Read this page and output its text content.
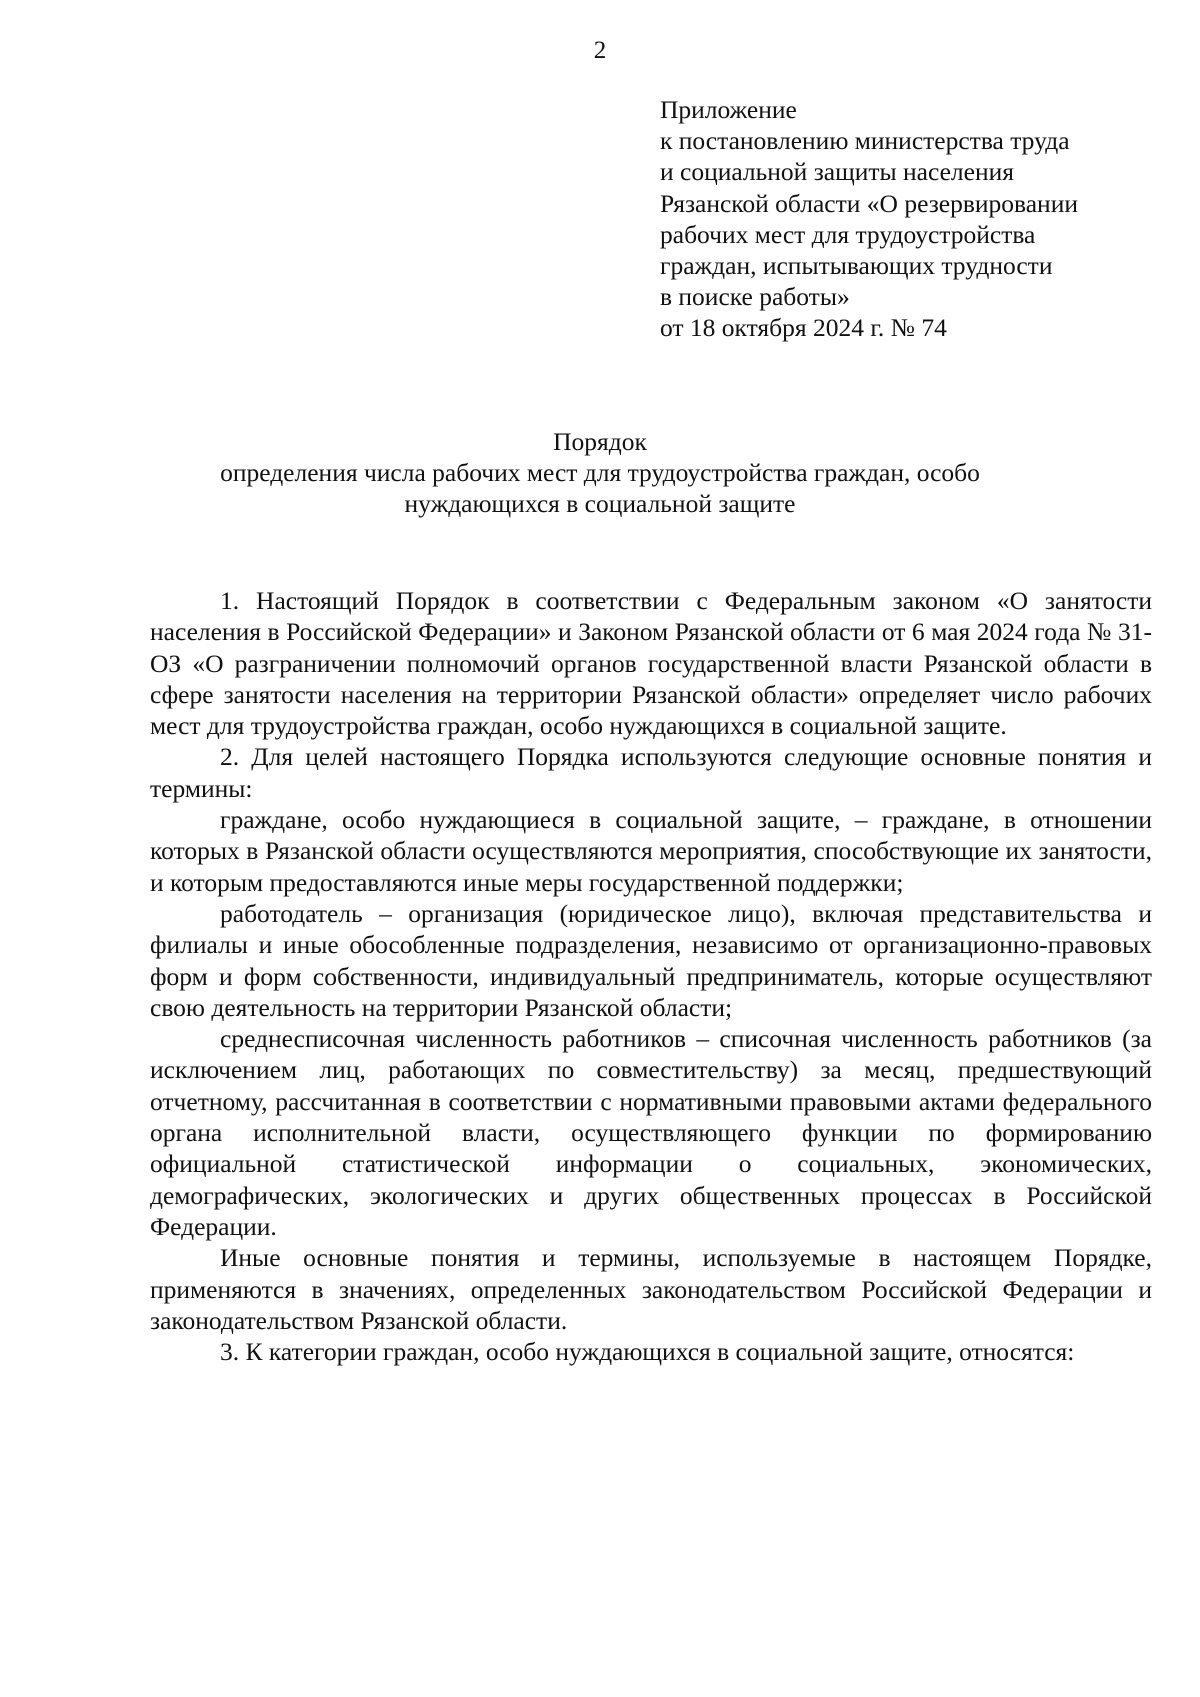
2
Приложение
к постановлению министерства труда
и социальной защиты населения
Рязанской области «О резервировании
рабочих мест для трудоустройства
граждан, испытывающих трудности
в поиске работы»
от 18 октября 2024 г. № 74
Порядок
определения числа рабочих мест для трудоустройства граждан, особо
нуждающихся в социальной защите

1. Настоящий Порядок в соответствии с Федеральным законом «О занятости населения в Российской Федерации» и Законом Рязанской области от 6 мая 2024 года № 31-ОЗ «О разграничении полномочий органов государственной власти Рязанской области в сфере занятости населения на территории Рязанской области» определяет число рабочих мест для трудоустройства граждан, особо нуждающихся в социальной защите.

2. Для целей настоящего Порядка используются следующие основные понятия и термины:

граждане, особо нуждающиеся в социальной защите, – граждане, в отношении которых в Рязанской области осуществляются мероприятия, способствующие их занятости, и которым предоставляются иные меры государственной поддержки;

работодатель – организация (юридическое лицо), включая представительства и филиалы и иные обособленные подразделения, независимо от организационно-правовых форм и форм собственности, индивидуальный предприниматель, которые осуществляют свою деятельность на территории Рязанской области;

среднесписочная численность работников – списочная численность работников (за исключением лиц, работающих по совместительству) за месяц, предшествующий отчетному, рассчитанная в соответствии с нормативными правовыми актами федерального органа исполнительной власти, осуществляющего функции по формированию официальной статистической информации о социальных, экономических, демографических, экологических и других общественных процессах в Российской Федерации.

Иные основные понятия и термины, используемые в настоящем Порядке, применяются в значениях, определенных законодательством Российской Федерации и законодательством Рязанской области.

3. К категории граждан, особо нуждающихся в социальной защите, относятся:
